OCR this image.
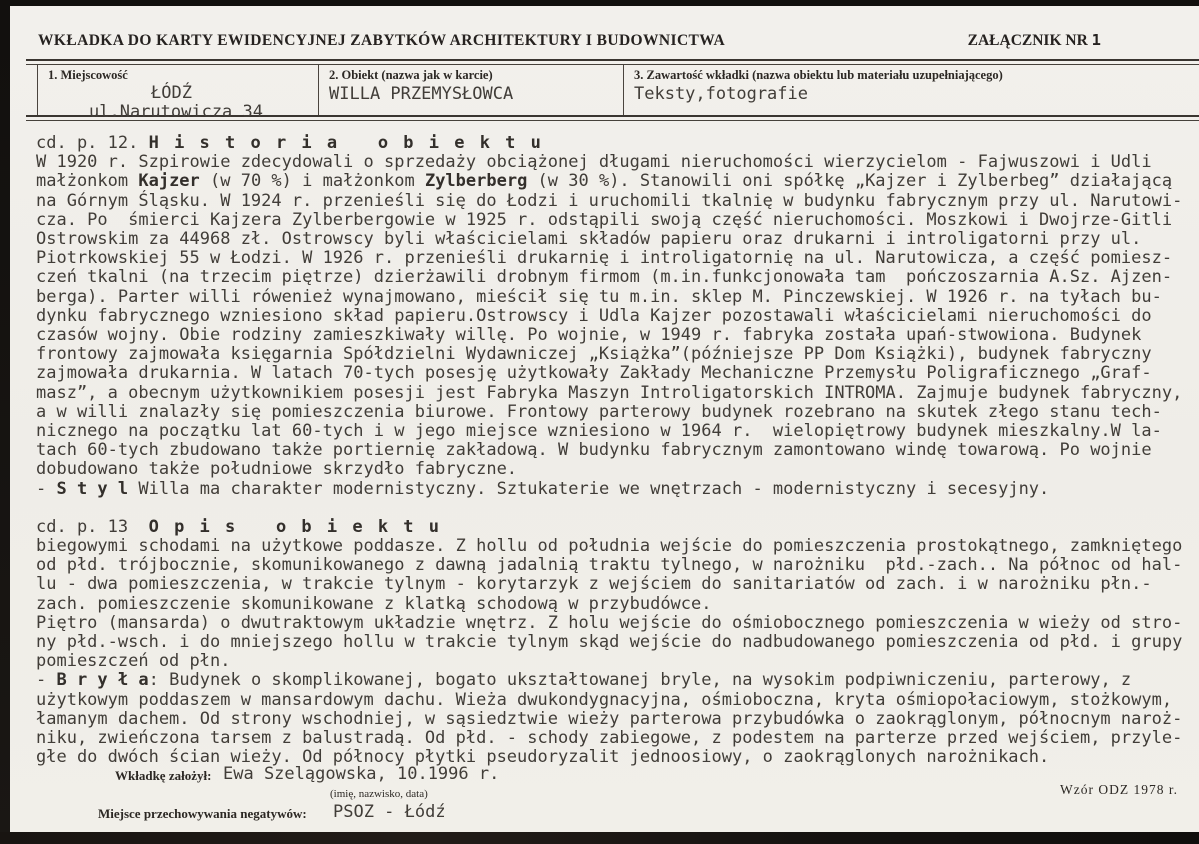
WKŁADKA DO KARTY EWIDENCYJNEJ ZABYTKÓW ARCHITEKTURY I BUDOWNICTWA	ZAŁĄCZNIK NR 1
1. Miejscowość
ŁÓDŹ
ul.Narutowicza 34
2. Obiekt (nazwa jak w karcie)
WILLA PRZEMYSŁOWCA
3. Zawartość wkładki (nazwa obiektu lub materiału uzupełniającego)
Teksty,fotografie
cd. p. 12. H i s t o r i a   o b i e k t u
W 1920 r. Szpirowie zdecydowali o sprzedaży obciążonej długami nieruchomości wierzycielom - Fajwuszowi i Udli
małżonkom Kajzer (w 70 %) i małżonkom Zylberberg (w 30 %). Stanowili oni spółkę „Kajzer i Zylberbeg” działającą
na Górnym Śląsku. W 1924 r. przenieśli się do Łodzi i uruchomili tkalnię w budynku fabrycznym przy ul. Narutowi-
cza. Po  śmierci Kajzera Zylberbergowie w 1925 r. odstąpili swoją część nieruchomości. Moszkowi i Dwojrze-Gitli
Ostrowskim za 44968 zł. Ostrowscy byli właścicielami składów papieru oraz drukarni i introligatorni przy ul.
Piotrkowskiej 55 w Łodzi. W 1926 r. przenieśli drukarnię i introligatornię na ul. Narutowicza, a część pomiesz-
czeń tkalni (na trzecim piętrze) dzierżawili drobnym firmom (m.in.funkcjonowała tam  pończoszarnia A.Sz. Ajzen-
berga). Parter willi rówenież wynajmowano, mieścił się tu m.in. sklep M. Pinczewskiej. W 1926 r. na tyłach bu-
dynku fabrycznego wzniesiono skład papieru.Ostrowscy i Udla Kajzer pozostawali właścicielami nieruchomości do
czasów wojny. Obie rodziny zamieszkiwały willę. Po wojnie, w 1949 r. fabryka została upań-stwowiona. Budynek
frontowy zajmowała księgarnia Spółdzielni Wydawniczej „Książka”(późniejsze PP Dom Książki), budynek fabryczny
zajmowała drukarnia. W latach 70-tych posesję użytkowały Zakłady Mechaniczne Przemysłu Poligraficznego „Graf-
masz”, a obecnym użytkownikiem posesji jest Fabryka Maszyn Introligatorskich INTROMA. Zajmuje budynek fabryczny,
a w willi znalazły się pomieszczenia biurowe. Frontowy parterowy budynek rozebrano na skutek złego stanu tech-
nicznego na początku lat 60-tych i w jego miejsce wzniesiono w 1964 r.  wielopiętrowy budynek mieszkalny.W la-
tach 60-tych zbudowano także portiernię zakładową. W budynku fabrycznym zamontowano windę towarową. Po wojnie
dobudowano także południowe skrzydło fabryczne.
- S t y l Willa ma charakter modernistyczny. Sztukaterie we wnętrzach - modernistyczny i secesyjny.
cd. p. 13  O p i s   o b i e k t u
biegowymi schodami na użytkowe poddasze. Z hollu od południa wejście do pomieszczenia prostokątnego, zamkniętego
od płd. trójbocznie, skomunikowanego z dawną jadalnią traktu tylnego, w narożniku  płd.-zach.. Na północ od hal-
lu - dwa pomieszczenia, w trakcie tylnym - korytarzyk z wejściem do sanitariatów od zach. i w narożniku płn.-
zach. pomieszczenie skomunikowane z klatką schodową w przybudówce.
Piętro (mansarda) o dwutraktowym układzie wnętrz. Z holu wejście do ośmiobocznego pomieszczenia w wieży od stro-
ny płd.-wsch. i do mniejszego hollu w trakcie tylnym skąd wejście do nadbudowanego pomieszczenia od płd. i grupy
pomieszczeń od płn.
- B r y ł a: Budynek o skomplikowanej, bogato ukształtowanej bryle, na wysokim podpiwniczeniu, parterowy, z
użytkowym poddaszem w mansardowym dachu. Wieża dwukondygnacyjna, ośmioboczna, kryta ośmiopołaciowym, stożkowym,
łamanym dachem. Od strony wschodniej, w sąsiedztwie wieży parterowa przybudówka o zaokrąglonym, północnym naroż-
niku, zwieńczona tarsem z balustradą. Od płd. - schody zabiegowe, z podestem na parterze przed wejściem, przyle-
głe do dwóch ścian wieży. Od północy płytki pseudoryzalit jednoosiowy, o zaokrąglonych narożnikach.
Wkładkę założył: Ewa Szelągowska, 10.1996 r.
(imię, nazwisko, data)	Wzór ODZ 1978 r.
Miejsce przechowywania negatywów: PSOZ - Łódź
